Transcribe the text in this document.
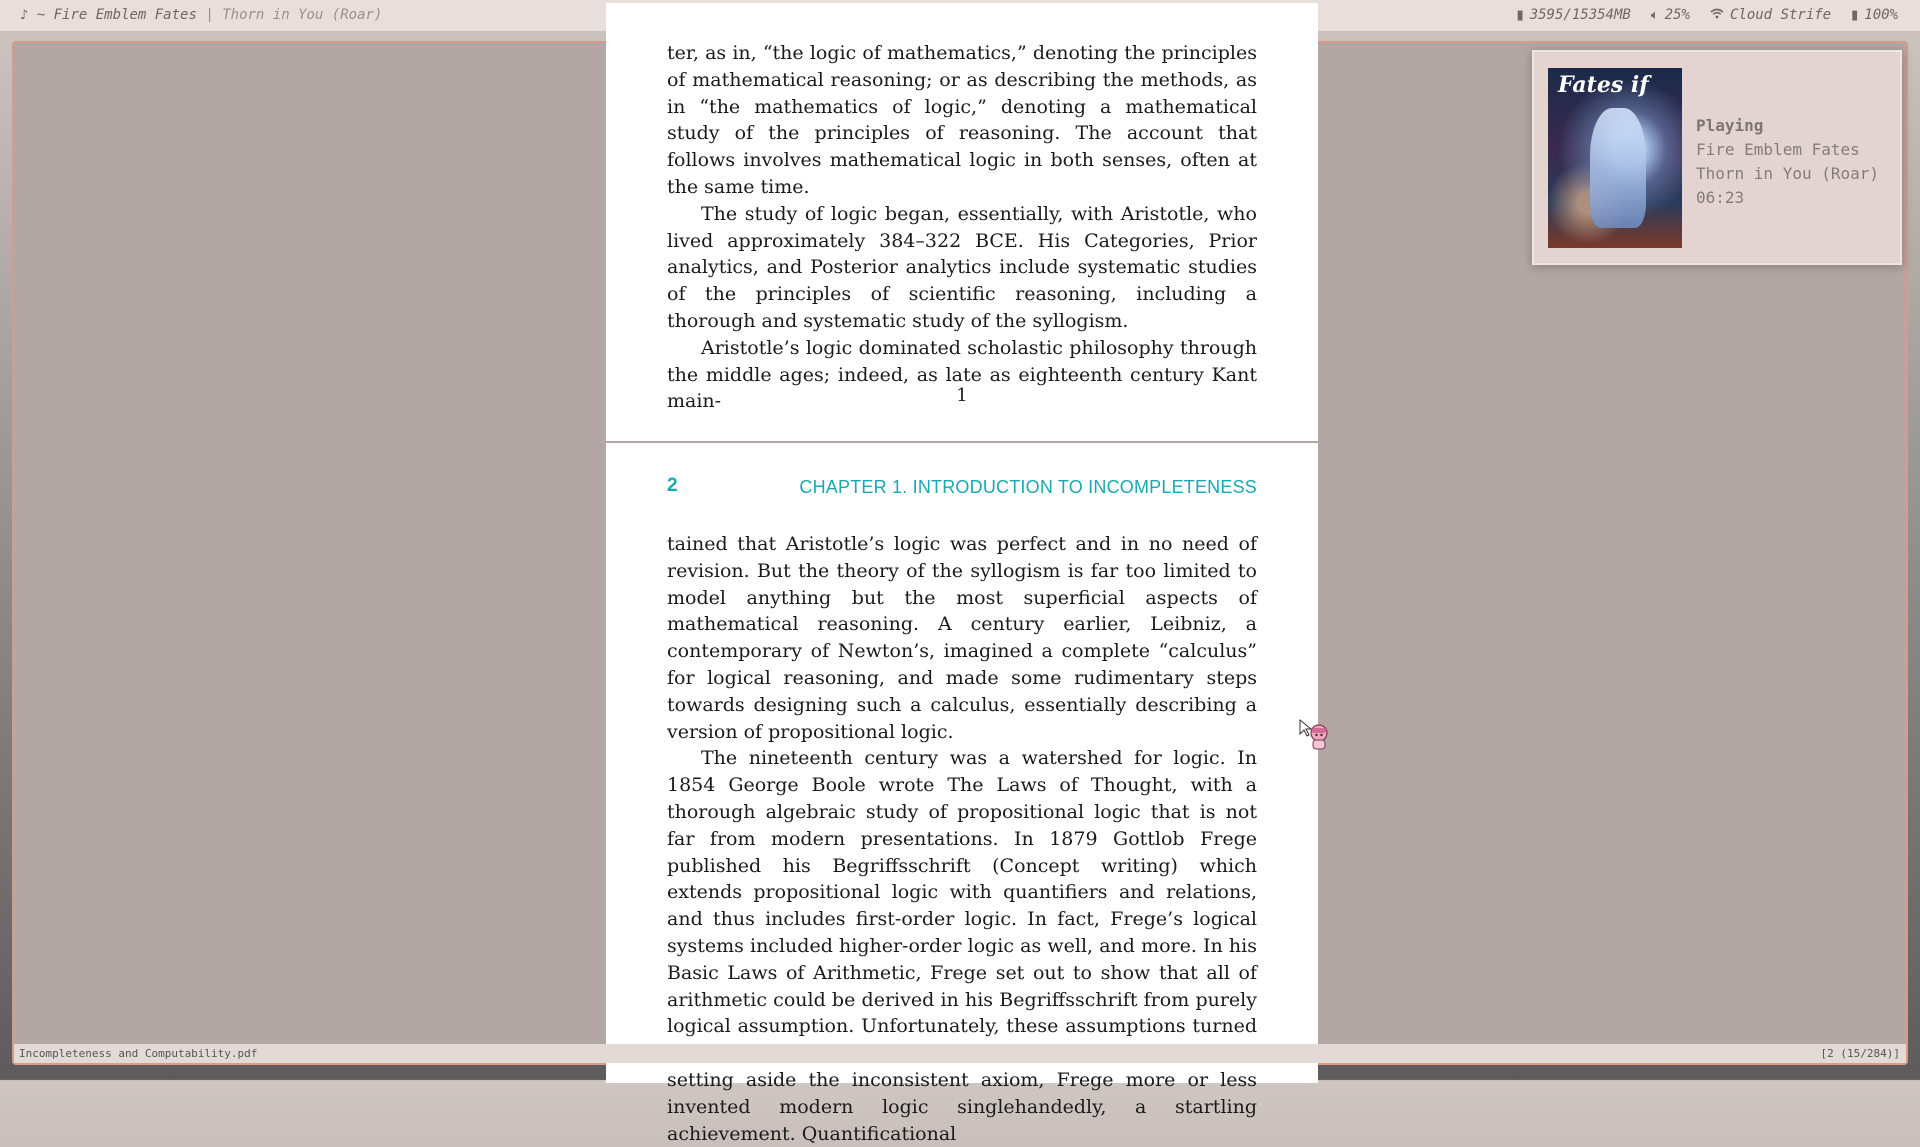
♪ ~ Fire Emblem Fates | Thorn in You (Roar)	▮ 3595/15354MB 🔈︎ 25%	Cloud Strife ▮ 100%

ter, as in, “the logic of mathematics,” denoting the principles of mathematical reasoning; or as describing the methods, as in “the mathematics of logic,” denoting a mathematical study of the principles of reasoning. The account that follows involves mathematical logic in both senses, often at the same time.

The study of logic began, essentially, with Aristotle, who lived approximately 384–322 BCE. His Categories, Prior analytics, and Posterior analytics include systematic studies of the principles of scientific reasoning, including a thorough and systematic study of the syllogism.

Aristotle’s logic dominated scholastic philosophy through the middle ages; indeed, as late as eighteenth century Kant main-	1
2	CHAPTER 1. INTRODUCTION TO INCOMPLETENESS

tained that Aristotle’s logic was perfect and in no need of revision. But the theory of the syllogism is far too limited to model anything but the most superficial aspects of mathematical reasoning. A century earlier, Leibniz, a contemporary of Newton’s, imagined a complete “calculus” for logical reasoning, and made some rudimentary steps towards designing such a calculus, essentially describing a version of propositional logic.

The nineteenth century was a watershed for logic. In 1854 George Boole wrote The Laws of Thought, with a thorough algebraic study of propositional logic that is not far from modern presentations. In 1879 Gottlob Frege published his Begriffsschrift (Concept writing) which extends propositional logic with quantifiers and relations, and thus includes first-order logic. In fact, Frege’s logical systems included higher-order logic as well, and more. In his Basic Laws of Arithmetic, Frege set out to show that all of arithmetic could be derived in his Begriffsschrift from purely logical assumption. Unfortunately, these assumptions turned setting aside the inconsistent axiom, Frege more or less invented modern logic singlehandedly, a startling achievement. Quantificational

Incompleteness and Computability.pdf	[2 (15/284)]
Fates if
Playing
Fire Emblem Fates
Thorn in You (Roar)
06:23
